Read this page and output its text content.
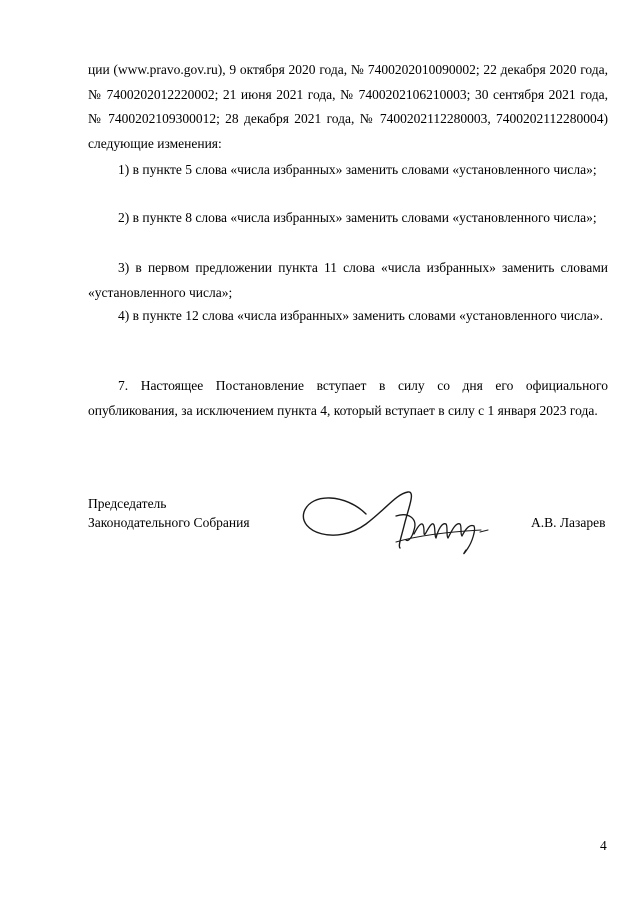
ции (www.pravo.gov.ru), 9 октября 2020 года, № 7400202010090002; 22 декабря 2020 года, № 7400202012220002; 21 июня 2021 года, № 7400202106210003; 30 сентября 2021 года, № 7400202109300012; 28 декабря 2021 года, № 7400202112280003, 7400202112280004) следующие изменения:

1) в пункте 5 слова «числа избранных» заменить словами «установленного числа»;

2) в пункте 8 слова «числа избранных» заменить словами «установленного числа»;

3) в первом предложении пункта 11 слова «числа избранных» заменить словами «установленного числа»;

4) в пункте 12 слова «числа избранных» заменить словами «установленного числа».

7. Настоящее Постановление вступает в силу со дня его официального опубликования, за исключением пункта 4, который вступает в силу с 1 января 2023 года.

Председатель
Законодательного Собрания	А.В. Лазарев
4
